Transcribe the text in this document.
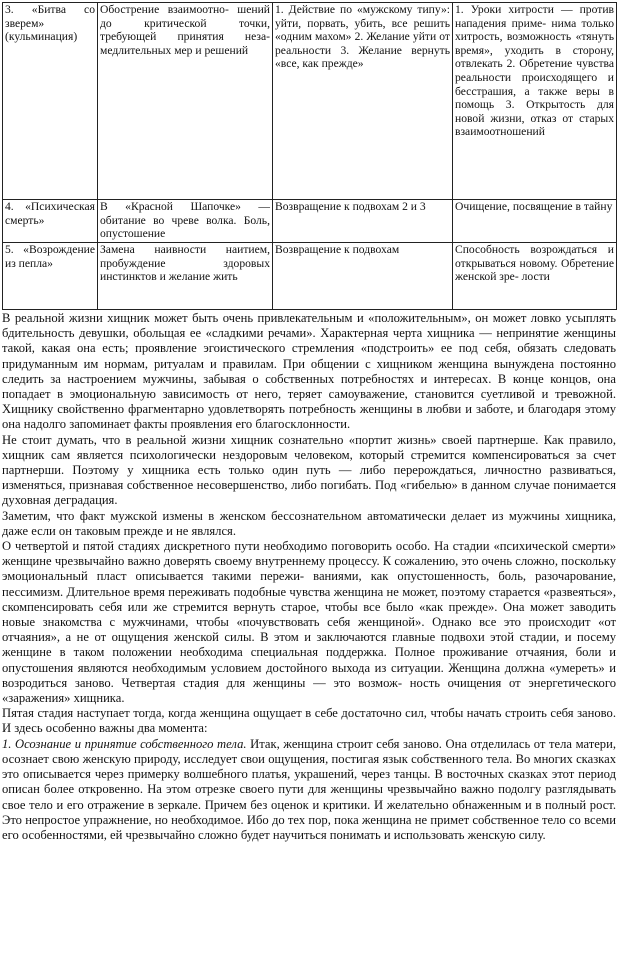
3. «Битва со зверем» (кульминация)	Обострение взаимоотно- шений до критической точки, требующей принятия неза- медлительных мер и решений	1. Действие по «мужскому типу»: уйти, порвать, убить, все решить «одним махом» 2. Желание уйти от реальности 3. Желание вернуть «все, как прежде»	1. Уроки хитрости — против нападения приме- нима только хитрость, возможность «тянуть время», уходить в сторону, отвлекать 2. Обретение чувства реальности происходящего и бесстрашия, а также веры в помощь 3. Открытость для новой жизни, отказ от старых взаимоотношений
4. «Психическая смерть»	В «Красной Шапочке» — обитание во чреве волка. Боль, опустошение	Возвращение к подвохам 2 и 3	Очищение, посвящение в тайну
5. «Возрождение из пепла»	Замена наивности наитием, пробуждение здоровых инстинктов и желание жить	Возвращение к подвохам	Способность возрождаться и открываться новому. Обретение женской зре- лости

В реальной жизни хищник может быть очень привлекательным и «положительным», он может ловко усыплять бдительность девушки, обольщая ее «сладкими речами». Характерная черта хищника — непринятие женщины такой, какая она есть; проявление эгоистического стремления «подстроить» ее под себя, обязать следовать придуманным им нормам, ритуалам и правилам. При общении с хищником женщина вынуждена постоянно следить за настроением мужчины, забывая о собственных потребностях и интересах. В конце концов, она попадает в эмоциональную зависимость от него, теряет самоуважение, становится суетливой и тревожной. Хищнику свойственно фрагментарно удовлетворять потребность женщины в любви и заботе, и благодаря этому она надолго запоминает факты проявления его благосклонности.

Не стоит думать, что в реальной жизни хищник сознательно «портит жизнь» своей партнерше. Как правило, хищник сам является психологически нездоровым человеком, который стремится компенсироваться за счет партнерши. Поэтому у хищника есть только один путь — либо перерождаться, личностно развиваться, изменяться, признавая собственное несовершенство, либо погибать. Под «гибелью» в данном случае понимается духовная деградация.

Заметим, что факт мужской измены в женском бессознательном автоматически делает из мужчины хищника, даже если он таковым прежде и не являлся.

О четвертой и пятой стадиях дискретного пути необходимо поговорить особо. На стадии «психической смерти» женщине чрезвычайно важно доверять своему внутреннему процессу. К сожалению, это очень сложно, поскольку эмоциональный пласт описывается такими пережи- ваниями, как опустошенность, боль, разочарование, пессимизм. Длительное время переживать подобные чувства женщина не может, поэтому старается «развеяться», скомпенсировать себя или же стремится вернуть старое, чтобы все было «как прежде». Она может заводить новые знакомства с мужчинами, чтобы «почувствовать себя женщиной». Однако все это происходит «от отчаяния», а не от ощущения женской силы. В этом и заключаются главные подвохи этой стадии, и посему женщине в таком положении необходима специальная поддержка. Полное проживание отчаяния, боли и опустошения являются необходимым условием достойного выхода из ситуации. Женщина должна «умереть» и возродиться заново. Четвертая стадия для женщины — это возмож- ность очищения от энергетического «заражения» хищника.

Пятая стадия наступает тогда, когда женщина ощущает в себе достаточно сил, чтобы начать строить себя заново. И здесь особенно важны два момента:

1. Осознание и принятие собственного тела. Итак, женщина строит себя заново. Она отделилась от тела матери, осознает свою женскую природу, исследует свои ощущения, постигая язык собственного тела. Во многих сказках это описывается через примерку волшебного платья, украшений, через танцы. В восточных сказках этот период описан более откровенно. На этом отрезке своего пути для женщины чрезвычайно важно подолгу разглядывать свое тело и его отражение в зеркале. Причем без оценок и критики. И желательно обнаженным и в полный рост. Это непростое упражнение, но необходимое. Ибо до тех пор, пока женщина не примет собственное тело со всеми его особенностями, ей чрезвычайно сложно будет научиться понимать и использовать женскую силу.
